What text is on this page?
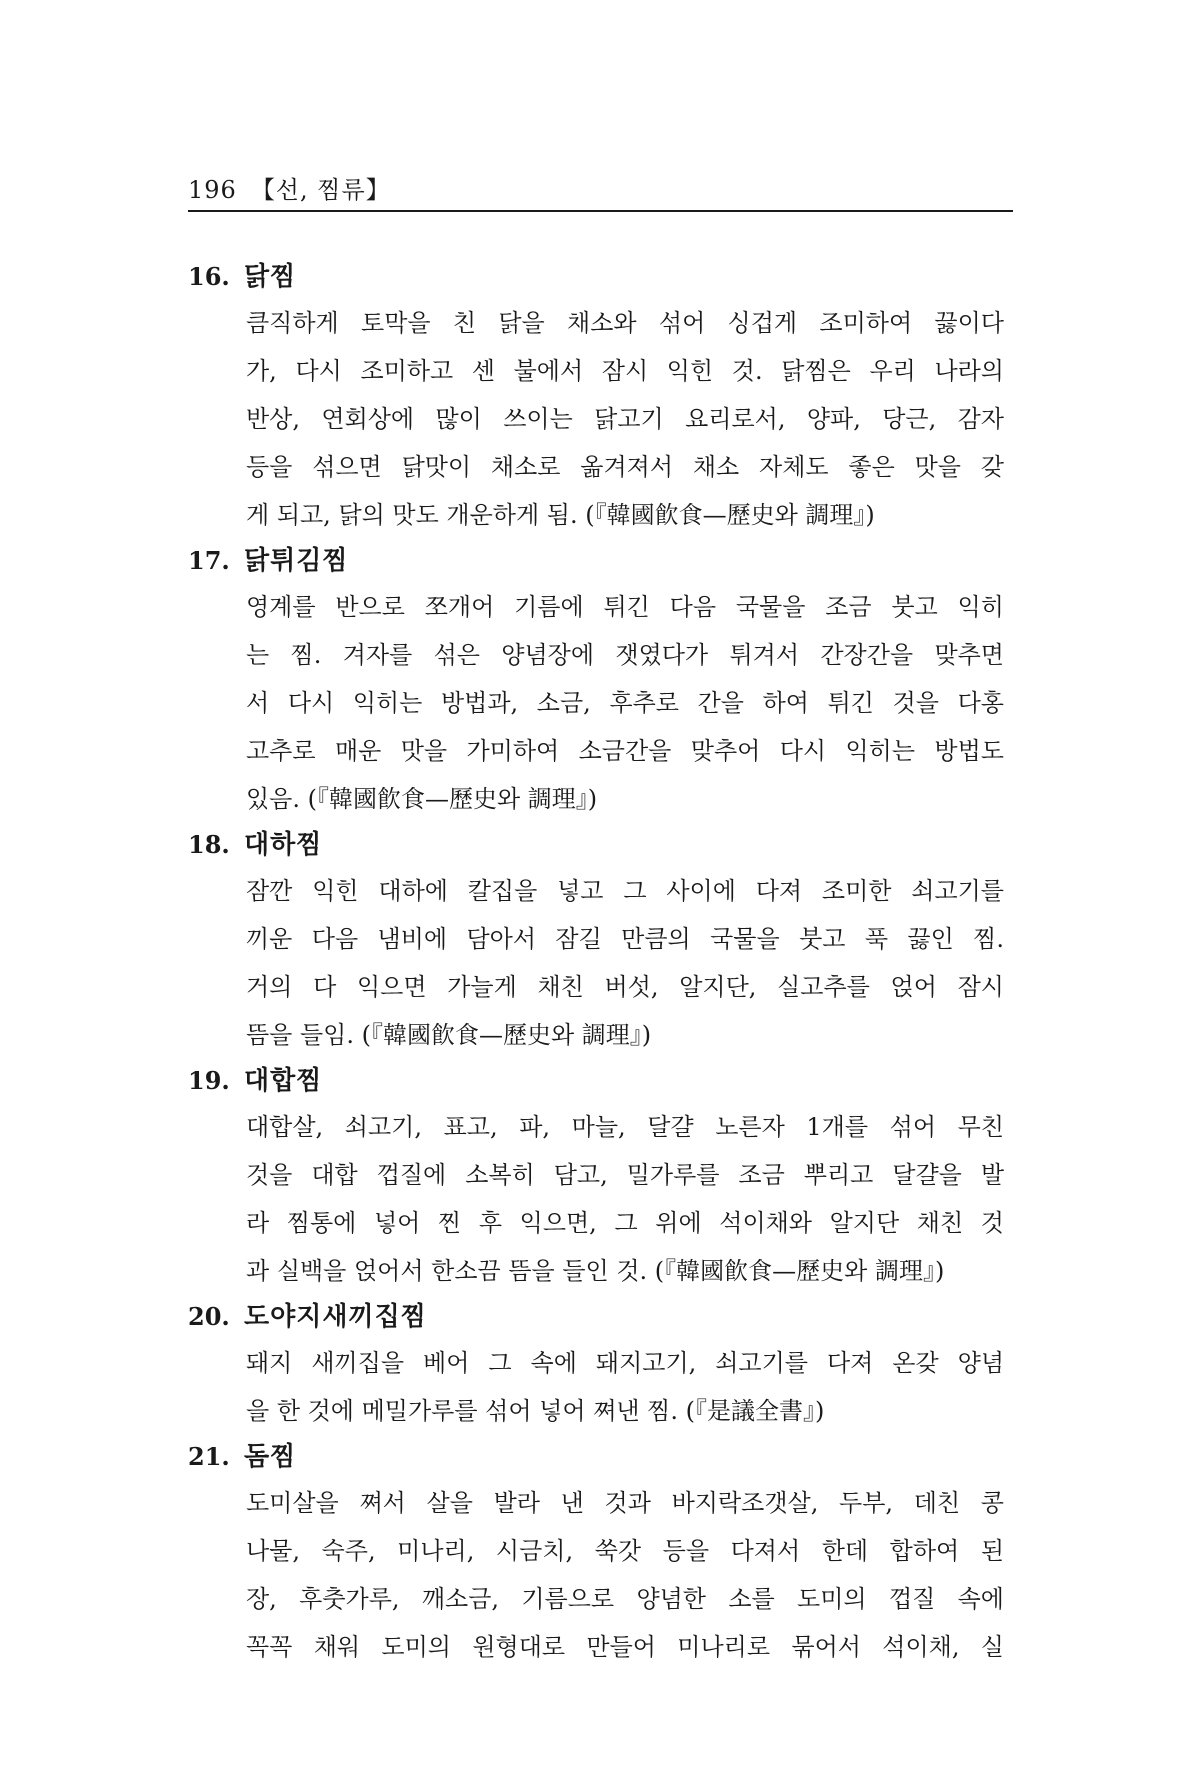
196 【선, 찜류】
16. 닭찜
큼직하게 토막을 친 닭을 채소와 섞어 싱겁게 조미하여 끓이다
가, 다시 조미하고 센 불에서 잠시 익힌 것. 닭찜은 우리 나라의
반상, 연회상에 많이 쓰이는 닭고기 요리로서, 양파, 당근, 감자
등을 섞으면 닭맛이 채소로 옮겨져서 채소 자체도 좋은 맛을 갖
게 되고, 닭의 맛도 개운하게 됨. (『韓國飮食—歷史와 調理』)
17. 닭튀김찜
영계를 반으로 쪼개어 기름에 튀긴 다음 국물을 조금 붓고 익히
는 찜. 겨자를 섞은 양념장에 잿였다가 튀겨서 간장간을 맞추면
서 다시 익히는 방법과, 소금, 후추로 간을 하여 튀긴 것을 다홍
고추로 매운 맛을 가미하여 소금간을 맞추어 다시 익히는 방법도
있음. (『韓國飮食—歷史와 調理』)
18. 대하찜
잠깐 익힌 대하에 칼집을 넣고 그 사이에 다져 조미한 쇠고기를
끼운 다음 냄비에 담아서 잠길 만큼의 국물을 붓고 푹 끓인 찜.
거의 다 익으면 가늘게 채친 버섯, 알지단, 실고추를 얹어 잠시
뜸을 들임. (『韓國飮食—歷史와 調理』)
19. 대합찜
대합살, 쇠고기, 표고, 파, 마늘, 달걀 노른자 1개를 섞어 무친
것을 대합 껍질에 소복히 담고, 밀가루를 조금 뿌리고 달걀을 발
라 찜통에 넣어 찐 후 익으면, 그 위에 석이채와 알지단 채친 것
과 실백을 얹어서 한소끔 뜸을 들인 것. (『韓國飮食—歷史와 調理』)
20. 도야지새끼집찜
돼지 새끼집을 베어 그 속에 돼지고기, 쇠고기를 다져 온갖 양념
을 한 것에 메밀가루를 섞어 넣어 쪄낸 찜. (『是議全書』)
21. 돔찜
도미살을 쪄서 살을 발라 낸 것과 바지락조갯살, 두부, 데친 콩
나물, 숙주, 미나리, 시금치, 쑥갓 등을 다져서 한데 합하여 된
장, 후춧가루, 깨소금, 기름으로 양념한 소를 도미의 껍질 속에
꼭꼭 채워 도미의 원형대로 만들어 미나리로 묶어서 석이채, 실
